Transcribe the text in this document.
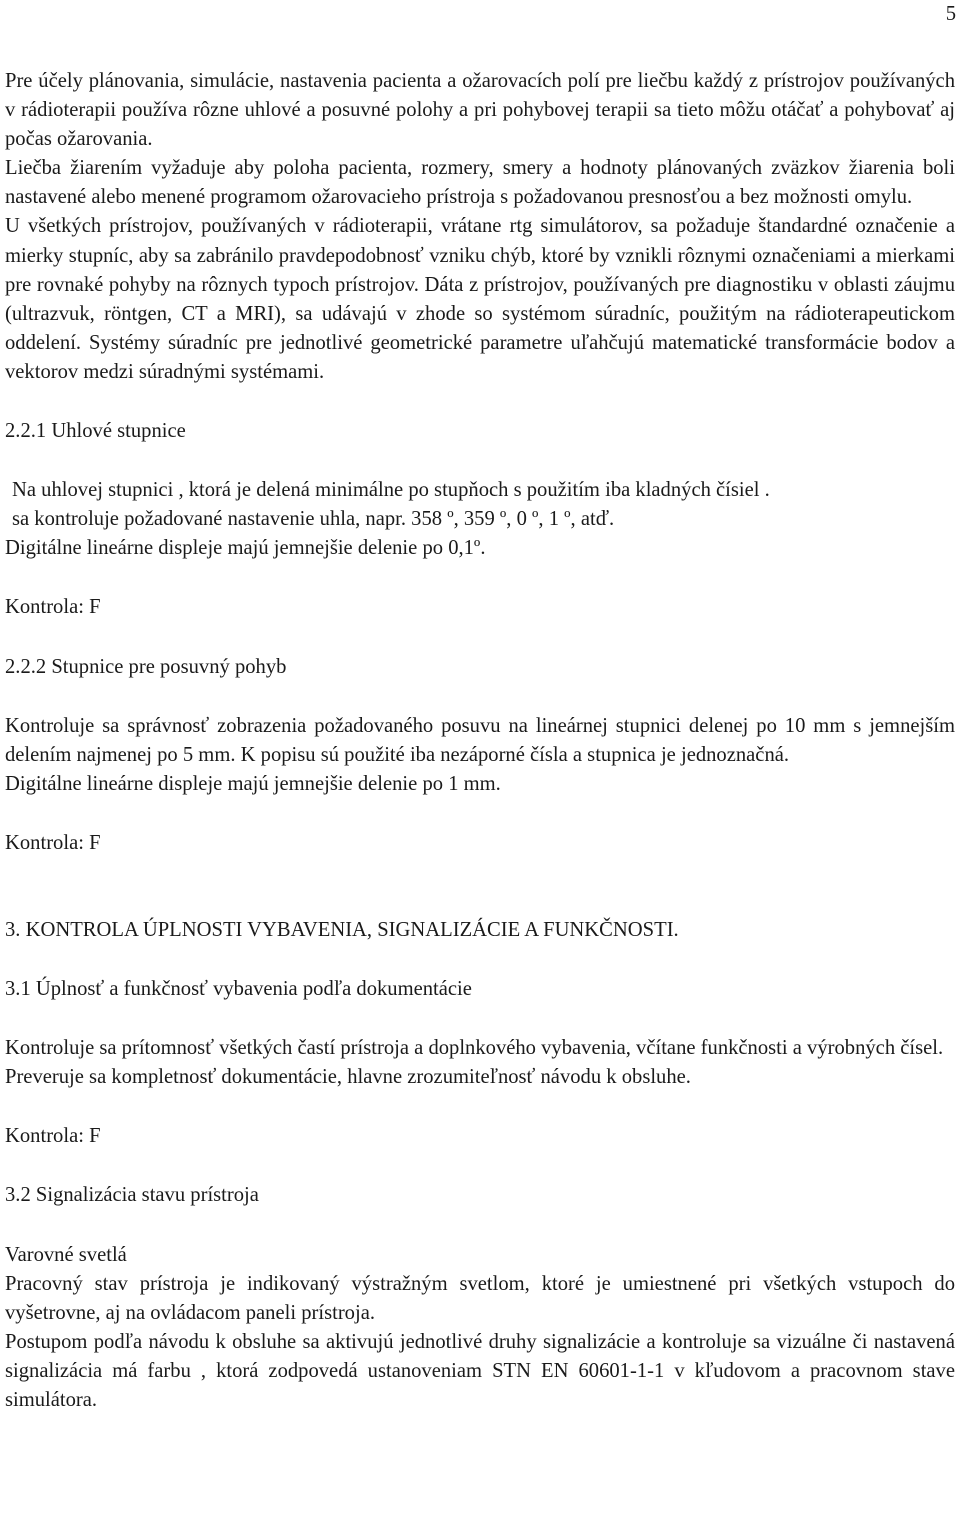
5

Pre účely plánovania, simulácie, nastavenia pacienta a ožarovacích polí pre liečbu každý z prístrojov používaných v rádioterapii používa rôzne uhlové a posuvné polohy a pri pohybovej terapii sa tieto môžu otáčať a pohybovať aj počas ožarovania.

Liečba žiarením vyžaduje aby poloha pacienta, rozmery, smery a hodnoty plánovaných zväzkov žiarenia boli nastavené alebo menené programom ožarovacieho prístroja s požadovanou presnosťou a bez možnosti omylu.

U všetkých prístrojov, používaných v rádioterapii, vrátane rtg simulátorov, sa požaduje štandardné označenie a mierky stupníc, aby sa zabránilo pravdepodobnosť vzniku chýb, ktoré by vznikli rôznymi označeniami a mierkami pre rovnaké pohyby na rôznych typoch prístrojov. Dáta z prístrojov, používaných pre diagnostiku v oblasti záujmu (ultrazvuk, röntgen, CT a MRI), sa udávajú v zhode so systémom súradníc, použitým na rádioterapeutickom oddelení. Systémy súradníc pre jednotlivé geometrické parametre uľahčujú matematické transformácie bodov a vektorov medzi súradnými systémami.

2.2.1 Uhlové stupnice

Na uhlovej stupnici , ktorá je delená minimálne po stupňoch s použitím iba kladných čísiel .

sa kontroluje požadované nastavenie uhla, napr. 358 º, 359 º, 0 º, 1 º, atď.

Digitálne lineárne displeje majú jemnejšie delenie po 0,1º.

Kontrola: F

2.2.2 Stupnice pre posuvný pohyb

Kontroluje sa správnosť zobrazenia požadovaného posuvu na lineárnej stupnici delenej po 10 mm s jemnejším delením najmenej po 5 mm. K popisu sú použité iba nezáporné čísla a stupnica je jednoznačná.

Digitálne lineárne displeje majú jemnejšie delenie po 1 mm.

Kontrola: F

3. KONTROLA ÚPLNOSTI VYBAVENIA, SIGNALIZÁCIE A FUNKČNOSTI.

3.1 Úplnosť a funkčnosť vybavenia podľa dokumentácie

Kontroluje sa prítomnosť všetkých častí prístroja a doplnkového vybavenia, včítane funkčnosti a výrobných čísel.

Preveruje sa kompletnosť dokumentácie, hlavne zrozumiteľnosť návodu k obsluhe.

Kontrola: F

3.2 Signalizácia stavu prístroja

Varovné svetlá

Pracovný stav prístroja je indikovaný výstražným svetlom, ktoré je umiestnené pri všetkých vstupoch do vyšetrovne, aj na ovládacom paneli prístroja.

Postupom podľa návodu k obsluhe sa aktivujú jednotlivé druhy signalizácie a kontroluje sa vizuálne či nastavená signalizácia má farbu , ktorá zodpovedá ustanoveniam STN EN 60601-1-1 v kľudovom a pracovnom stave simulátora.
